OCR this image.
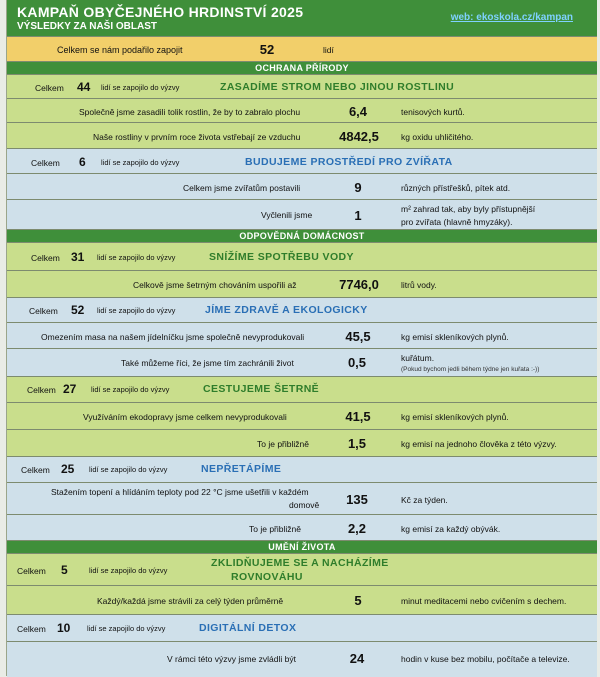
KAMPAŇ OBYČEJNÉHO HRDINSTVÍ 2025
VÝSLEDKY ZA NAŠI OBLAST
web: ekoskola.cz/kampan
Celkem se nám podařilo zapojit	52	lidí
OCHRANA PŘÍRODY
Celkem 44 lidí se zapojilo do výzvy	ZASADÍME STROM NEBO JINOU ROSTLINU
Společně jsme zasadili tolik rostlin, že by to zabralo plochu	6,4	tenisových kurtů.
Naše rostliny v prvním roce života vstřebají ze vzduchu	4842,5	kg oxidu uhličitého.
Celkem 6 lidí se zapojilo do výzvy	BUDUJEME PROSTŘEDÍ PRO ZVÍŘATA
Celkem jsme zvířatům postavili	9	různých přístřešků, pítek atd.
Vyčlenili jsme	1	m² zahrad tak, aby byly přístupnější
pro zvířata (hlavně hmyzáky).
ODPOVĚDNÁ DOMÁCNOST
Celkem 31 lidí se zapojilo do výzvy	SNÍŽÍME SPOTŘEBU VODY
Celkově jsme šetrným chováním uspořili až	7746,0	litrů vody.
Celkem 52 lidí se zapojilo do výzvy	JÍME ZDRAVĚ A EKOLOGICKY
Omezením masa na našem jídelníčku jsme společně nevyprodukovali	45,5	kg emisí skleníkových plynů.
Také můžeme říci, že jsme tím zachránili život	0,5	kuřátum.
(Pokud bychom jedli během týdne jen kuřata :-))
Celkem 27 lidí se zapojilo do výzvy	CESTUJEME ŠETRNĚ
Využíváním ekodopravy jsme celkem nevyprodukovali	41,5	kg emisí skleníkových plynů.
To je přibližně	1,5	kg emisí na jednoho člověka z této výzvy.
Celkem 25 lidí se zapojilo do výzvy	NEPŘETÁPÍME
Stažením topení a hlídáním teploty pod 22 °C jsme ušetřili v každém
domově	135	Kč za týden.
To je přibližně	2,2	kg emisí za každý obývák.
UMĚNÍ ŽIVOTA
Celkem 5	lidí se zapojilo do výzvy
ZKLIDŇUJEME SE A NACHÁZÍME
ROVNOVÁHU
Každý/každá jsme strávili za celý týden průměrně	5	minut meditacemi nebo cvičením s dechem.
Celkem 10 lidí se zapojilo do výzvy	DIGITÁLNÍ DETOX
V rámci této výzvy jsme zvládli být	24	hodin v kuse bez mobilu, počítače a televize.
